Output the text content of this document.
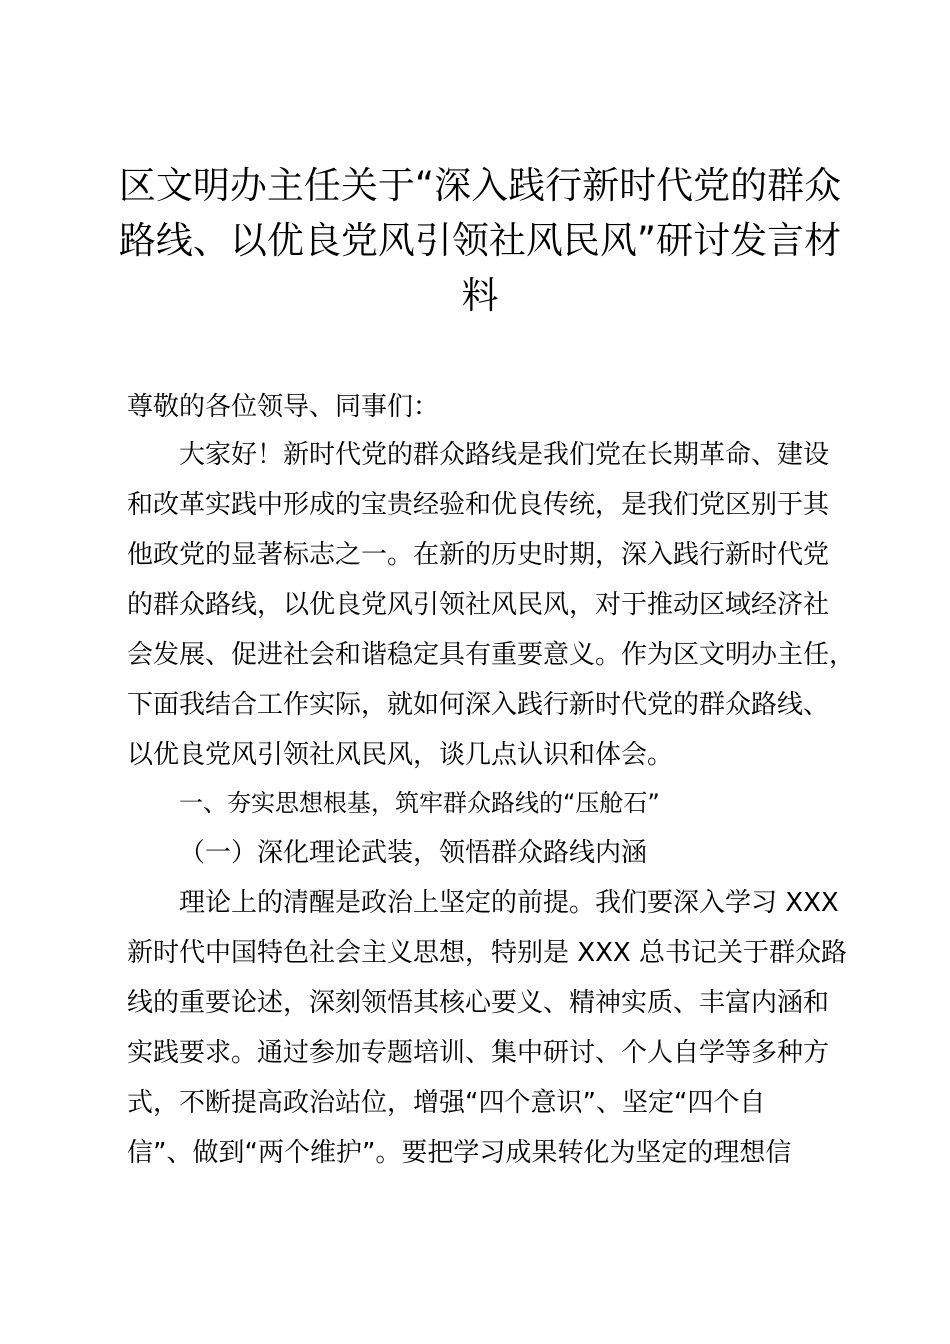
区文明办主任关于“深入践行新时代党的群众
路线、以优良党风引领社风民风”研讨发言材
料

尊敬的各位领导、同事们：

大家好！新时代党的群众路线是我们党在长期革命、建设

和改革实践中形成的宝贵经验和优良传统，是我们党区别于其

他政党的显著标志之一。在新的历史时期，深入践行新时代党

的群众路线，以优良党风引领社风民风，对于推动区域经济社

会发展、促进社会和谐稳定具有重要意义。作为区文明办主任，

下面我结合工作实际，就如何深入践行新时代党的群众路线、

以优良党风引领社风民风，谈几点认识和体会。

一、夯实思想根基，筑牢群众路线的“压舱石”

（一）深化理论武装，领悟群众路线内涵

理论上的清醒是政治上坚定的前提。我们要深入学习 XXX

新时代中国特色社会主义思想，特别是 XXX 总书记关于群众路

线的重要论述，深刻领悟其核心要义、精神实质、丰富内涵和

实践要求。通过参加专题培训、集中研讨、个人自学等多种方

式，不断提高政治站位，增强“四个意识”、坚定“四个自

信”、做到“两个维护”。要把学习成果转化为坚定的理想信
